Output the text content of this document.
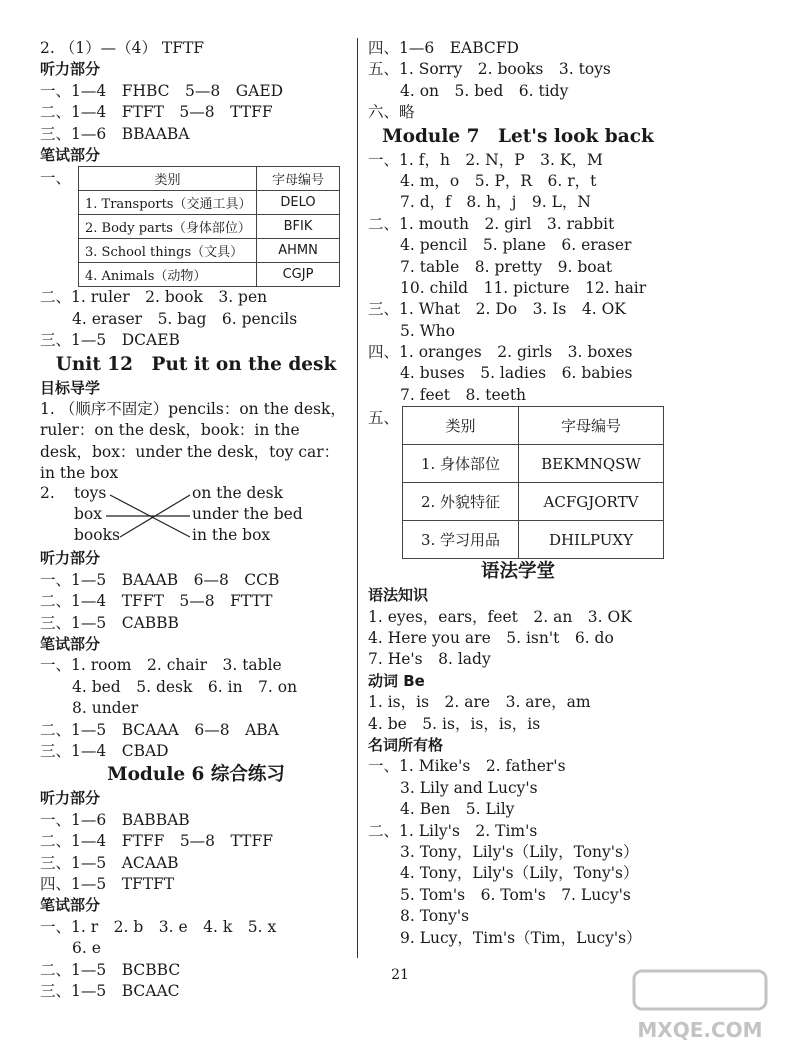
2. （1）—（4） TFTF
听力部分
一、1—4　FHBC　5—8　GAED
二、1—4　FTFT　5—8　TTFF
三、1—6　BBAABA
笔试部分
一、	类别	字母编号
1. Transports（交通工具）	DELO
2. Body parts（身体部位）	BFIK
3. School things（文具）	AHMN
4. Animals（动物）	CGJP
二、1. ruler　2. book　3. pen
4. eraser　5. bag　6. pencils
三、1—5　DCAEB
Unit 12　Put it on the desk
目标导学
1. （顺序不固定）pencils：on the desk，
ruler：on the desk，book：in the
desk，box：under the desk，toy car：
in the box
2. toys
box
books
on the desk
under the bed
in the box
听力部分
一、1—5　BAAAB　6—8　CCB
二、1—4　TFFT　5—8　FTTT
三、1—5　CABBB
笔试部分
一、1. room　2. chair　3. table
4. bed　5. desk　6. in　7. on
8. under
二、1—5　BCAAA　6—8　ABA
三、1—4　CBAD
Module 6 综合练习
听力部分
一、1—6　BABBAB
二、1—4　FTFF　5—8　TTFF
三、1—5　ACAAB
四、1—5　TFTFT
笔试部分
一、1. r　2. b　3. e　4. k　5. x
6. e
二、1—5　BCBBC
三、1—5　BCAAC
四、1—6　EABCFD
五、1. Sorry　2. books　3. toys
4. on　5. bed　6. tidy
六、略
Module 7　Let's look back
一、1. f，h　2. N，P　3. K，M
4. m，o　5. P，R　6. r，t
7. d，f　8. h，j　9. L，N
二、1. mouth　2. girl　3. rabbit
4. pencil　5. plane　6. eraser
7. table　8. pretty　9. boat
10. child　11. picture　12. hair
三、1. What　2. Do　3. Is　4. OK
5. Who
四、1. oranges　2. girls　3. boxes
4. buses　5. ladies　6. babies
7. feet　8. teeth
五、	类别	字母编号
1. 身体部位	BEKMNQSW
2. 外貌特征	ACFGJORTV
3. 学习用品	DHILPUXY
语法学堂
语法知识
1. eyes，ears，feet　2. an　3. OK
4. Here you are　5. isn't　6. do
7. He's　8. lady
动词 Be
1. is，is　2. are　3. are，am
4. be　5. is，is，is，is
名词所有格
一、1. Mike's　2. father's
3. Lily and Lucy's
4. Ben　5. Lily
二、1. Lily's　2. Tim's
3. Tony，Lily's（Lily，Tony's）
4. Tony，Lily's（Lily，Tony's）
5. Tom's　6. Tom's　7. Lucy's
8. Tony's
9. Lucy，Tim's（Tim，Lucy's）
21
MXQE.COM
